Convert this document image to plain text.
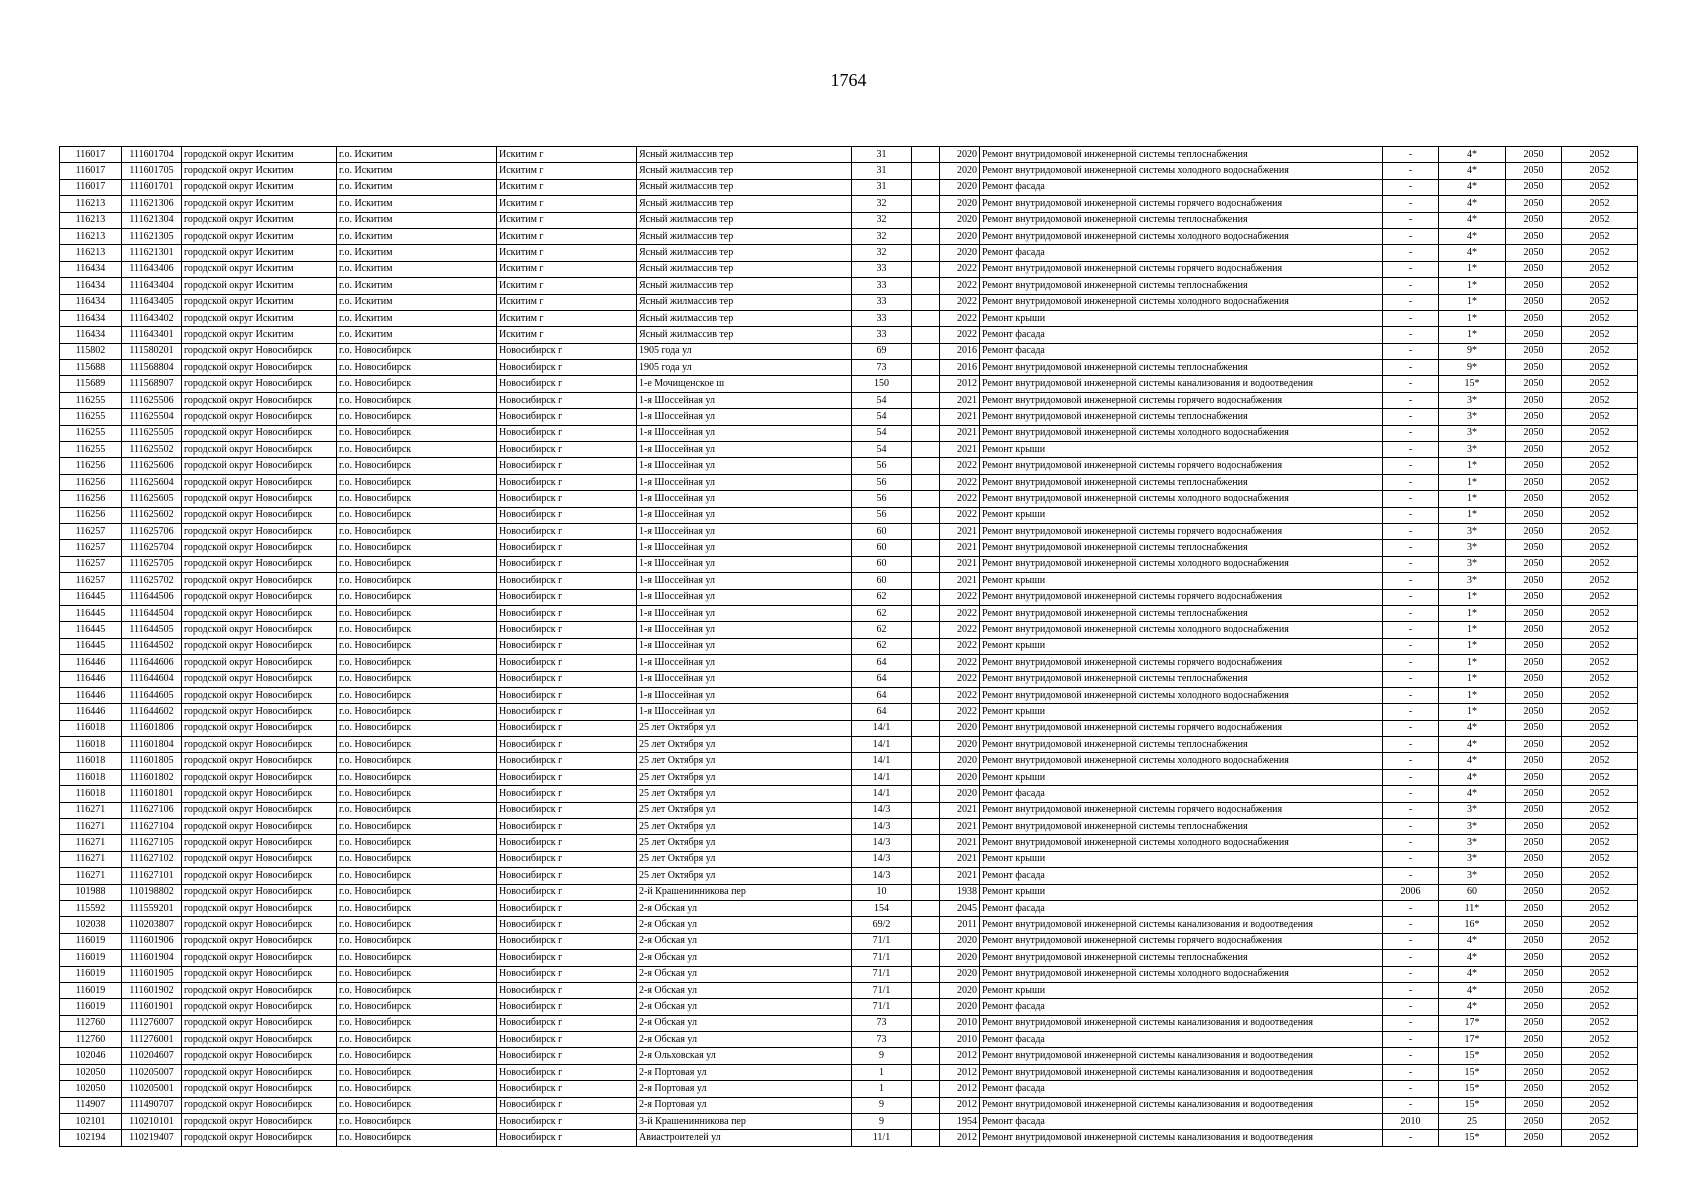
1764
116017	111601704	городской округ Искитим	г.о. Искитим	Искитим г	Ясный жилмассив тер	31		2020	Ремонт внутридомовой инженерной системы теплоснабжения	-	4*	2050	2052
116017	111601705	городской округ Искитим	г.о. Искитим	Искитим г	Ясный жилмассив тер	31		2020	Ремонт внутридомовой инженерной системы холодного водоснабжения	-	4*	2050	2052
116017	111601701	городской округ Искитим	г.о. Искитим	Искитим г	Ясный жилмассив тер	31		2020	Ремонт фасада	-	4*	2050	2052
116213	111621306	городской округ Искитим	г.о. Искитим	Искитим г	Ясный жилмассив тер	32		2020	Ремонт внутридомовой инженерной системы горячего водоснабжения	-	4*	2050	2052
116213	111621304	городской округ Искитим	г.о. Искитим	Искитим г	Ясный жилмассив тер	32		2020	Ремонт внутридомовой инженерной системы теплоснабжения	-	4*	2050	2052
116213	111621305	городской округ Искитим	г.о. Искитим	Искитим г	Ясный жилмассив тер	32		2020	Ремонт внутридомовой инженерной системы холодного водоснабжения	-	4*	2050	2052
116213	111621301	городской округ Искитим	г.о. Искитим	Искитим г	Ясный жилмассив тер	32		2020	Ремонт фасада	-	4*	2050	2052
116434	111643406	городской округ Искитим	г.о. Искитим	Искитим г	Ясный жилмассив тер	33		2022	Ремонт внутридомовой инженерной системы горячего водоснабжения	-	1*	2050	2052
116434	111643404	городской округ Искитим	г.о. Искитим	Искитим г	Ясный жилмассив тер	33		2022	Ремонт внутридомовой инженерной системы теплоснабжения	-	1*	2050	2052
116434	111643405	городской округ Искитим	г.о. Искитим	Искитим г	Ясный жилмассив тер	33		2022	Ремонт внутридомовой инженерной системы холодного водоснабжения	-	1*	2050	2052
116434	111643402	городской округ Искитим	г.о. Искитим	Искитим г	Ясный жилмассив тер	33		2022	Ремонт крыши	-	1*	2050	2052
116434	111643401	городской округ Искитим	г.о. Искитим	Искитим г	Ясный жилмассив тер	33		2022	Ремонт фасада	-	1*	2050	2052
115802	111580201	городской округ Новосибирск	г.о. Новосибирск	Новосибирск г	1905 года ул	69		2016	Ремонт фасада	-	9*	2050	2052
115688	111568804	городской округ Новосибирск	г.о. Новосибирск	Новосибирск г	1905 года ул	73		2016	Ремонт внутридомовой инженерной системы теплоснабжения	-	9*	2050	2052
115689	111568907	городской округ Новосибирск	г.о. Новосибирск	Новосибирск г	1-е Мочищенское ш	150		2012	Ремонт внутридомовой инженерной системы канализования и водоотведения	-	15*	2050	2052
116255	111625506	городской округ Новосибирск	г.о. Новосибирск	Новосибирск г	1-я Шоссейная ул	54		2021	Ремонт внутридомовой инженерной системы горячего водоснабжения	-	3*	2050	2052
116255	111625504	городской округ Новосибирск	г.о. Новосибирск	Новосибирск г	1-я Шоссейная ул	54		2021	Ремонт внутридомовой инженерной системы теплоснабжения	-	3*	2050	2052
116255	111625505	городской округ Новосибирск	г.о. Новосибирск	Новосибирск г	1-я Шоссейная ул	54		2021	Ремонт внутридомовой инженерной системы холодного водоснабжения	-	3*	2050	2052
116255	111625502	городской округ Новосибирск	г.о. Новосибирск	Новосибирск г	1-я Шоссейная ул	54		2021	Ремонт крыши	-	3*	2050	2052
116256	111625606	городской округ Новосибирск	г.о. Новосибирск	Новосибирск г	1-я Шоссейная ул	56		2022	Ремонт внутридомовой инженерной системы горячего водоснабжения	-	1*	2050	2052
116256	111625604	городской округ Новосибирск	г.о. Новосибирск	Новосибирск г	1-я Шоссейная ул	56		2022	Ремонт внутридомовой инженерной системы теплоснабжения	-	1*	2050	2052
116256	111625605	городской округ Новосибирск	г.о. Новосибирск	Новосибирск г	1-я Шоссейная ул	56		2022	Ремонт внутридомовой инженерной системы холодного водоснабжения	-	1*	2050	2052
116256	111625602	городской округ Новосибирск	г.о. Новосибирск	Новосибирск г	1-я Шоссейная ул	56		2022	Ремонт крыши	-	1*	2050	2052
116257	111625706	городской округ Новосибирск	г.о. Новосибирск	Новосибирск г	1-я Шоссейная ул	60		2021	Ремонт внутридомовой инженерной системы горячего водоснабжения	-	3*	2050	2052
116257	111625704	городской округ Новосибирск	г.о. Новосибирск	Новосибирск г	1-я Шоссейная ул	60		2021	Ремонт внутридомовой инженерной системы теплоснабжения	-	3*	2050	2052
116257	111625705	городской округ Новосибирск	г.о. Новосибирск	Новосибирск г	1-я Шоссейная ул	60		2021	Ремонт внутридомовой инженерной системы холодного водоснабжения	-	3*	2050	2052
116257	111625702	городской округ Новосибирск	г.о. Новосибирск	Новосибирск г	1-я Шоссейная ул	60		2021	Ремонт крыши	-	3*	2050	2052
116445	111644506	городской округ Новосибирск	г.о. Новосибирск	Новосибирск г	1-я Шоссейная ул	62		2022	Ремонт внутридомовой инженерной системы горячего водоснабжения	-	1*	2050	2052
116445	111644504	городской округ Новосибирск	г.о. Новосибирск	Новосибирск г	1-я Шоссейная ул	62		2022	Ремонт внутридомовой инженерной системы теплоснабжения	-	1*	2050	2052
116445	111644505	городской округ Новосибирск	г.о. Новосибирск	Новосибирск г	1-я Шоссейная ул	62		2022	Ремонт внутридомовой инженерной системы холодного водоснабжения	-	1*	2050	2052
116445	111644502	городской округ Новосибирск	г.о. Новосибирск	Новосибирск г	1-я Шоссейная ул	62		2022	Ремонт крыши	-	1*	2050	2052
116446	111644606	городской округ Новосибирск	г.о. Новосибирск	Новосибирск г	1-я Шоссейная ул	64		2022	Ремонт внутридомовой инженерной системы горячего водоснабжения	-	1*	2050	2052
116446	111644604	городской округ Новосибирск	г.о. Новосибирск	Новосибирск г	1-я Шоссейная ул	64		2022	Ремонт внутридомовой инженерной системы теплоснабжения	-	1*	2050	2052
116446	111644605	городской округ Новосибирск	г.о. Новосибирск	Новосибирск г	1-я Шоссейная ул	64		2022	Ремонт внутридомовой инженерной системы холодного водоснабжения	-	1*	2050	2052
116446	111644602	городской округ Новосибирск	г.о. Новосибирск	Новосибирск г	1-я Шоссейная ул	64		2022	Ремонт крыши	-	1*	2050	2052
116018	111601806	городской округ Новосибирск	г.о. Новосибирск	Новосибирск г	25 лет Октября ул	14/1		2020	Ремонт внутридомовой инженерной системы горячего водоснабжения	-	4*	2050	2052
116018	111601804	городской округ Новосибирск	г.о. Новосибирск	Новосибирск г	25 лет Октября ул	14/1		2020	Ремонт внутридомовой инженерной системы теплоснабжения	-	4*	2050	2052
116018	111601805	городской округ Новосибирск	г.о. Новосибирск	Новосибирск г	25 лет Октября ул	14/1		2020	Ремонт внутридомовой инженерной системы холодного водоснабжения	-	4*	2050	2052
116018	111601802	городской округ Новосибирск	г.о. Новосибирск	Новосибирск г	25 лет Октября ул	14/1		2020	Ремонт крыши	-	4*	2050	2052
116018	111601801	городской округ Новосибирск	г.о. Новосибирск	Новосибирск г	25 лет Октября ул	14/1		2020	Ремонт фасада	-	4*	2050	2052
116271	111627106	городской округ Новосибирск	г.о. Новосибирск	Новосибирск г	25 лет Октября ул	14/3		2021	Ремонт внутридомовой инженерной системы горячего водоснабжения	-	3*	2050	2052
116271	111627104	городской округ Новосибирск	г.о. Новосибирск	Новосибирск г	25 лет Октября ул	14/3		2021	Ремонт внутридомовой инженерной системы теплоснабжения	-	3*	2050	2052
116271	111627105	городской округ Новосибирск	г.о. Новосибирск	Новосибирск г	25 лет Октября ул	14/3		2021	Ремонт внутридомовой инженерной системы холодного водоснабжения	-	3*	2050	2052
116271	111627102	городской округ Новосибирск	г.о. Новосибирск	Новосибирск г	25 лет Октября ул	14/3		2021	Ремонт крыши	-	3*	2050	2052
116271	111627101	городской округ Новосибирск	г.о. Новосибирск	Новосибирск г	25 лет Октября ул	14/3		2021	Ремонт фасада	-	3*	2050	2052
101988	110198802	городской округ Новосибирск	г.о. Новосибирск	Новосибирск г	2-й Крашенинникова пер	10		1938	Ремонт крыши	2006	60	2050	2052
115592	111559201	городской округ Новосибирск	г.о. Новосибирск	Новосибирск г	2-я Обская ул	154		2045	Ремонт фасада	-	11*	2050	2052
102038	110203807	городской округ Новосибирск	г.о. Новосибирск	Новосибирск г	2-я Обская ул	69/2		2011	Ремонт внутридомовой инженерной системы канализования и водоотведения	-	16*	2050	2052
116019	111601906	городской округ Новосибирск	г.о. Новосибирск	Новосибирск г	2-я Обская ул	71/1		2020	Ремонт внутридомовой инженерной системы горячего водоснабжения	-	4*	2050	2052
116019	111601904	городской округ Новосибирск	г.о. Новосибирск	Новосибирск г	2-я Обская ул	71/1		2020	Ремонт внутридомовой инженерной системы теплоснабжения	-	4*	2050	2052
116019	111601905	городской округ Новосибирск	г.о. Новосибирск	Новосибирск г	2-я Обская ул	71/1		2020	Ремонт внутридомовой инженерной системы холодного водоснабжения	-	4*	2050	2052
116019	111601902	городской округ Новосибирск	г.о. Новосибирск	Новосибирск г	2-я Обская ул	71/1		2020	Ремонт крыши	-	4*	2050	2052
116019	111601901	городской округ Новосибирск	г.о. Новосибирск	Новосибирск г	2-я Обская ул	71/1		2020	Ремонт фасада	-	4*	2050	2052
112760	111276007	городской округ Новосибирск	г.о. Новосибирск	Новосибирск г	2-я Обская ул	73		2010	Ремонт внутридомовой инженерной системы канализования и водоотведения	-	17*	2050	2052
112760	111276001	городской округ Новосибирск	г.о. Новосибирск	Новосибирск г	2-я Обская ул	73		2010	Ремонт фасада	-	17*	2050	2052
102046	110204607	городской округ Новосибирск	г.о. Новосибирск	Новосибирск г	2-я Ольховская ул	9		2012	Ремонт внутридомовой инженерной системы канализования и водоотведения	-	15*	2050	2052
102050	110205007	городской округ Новосибирск	г.о. Новосибирск	Новосибирск г	2-я Портовая ул	1		2012	Ремонт внутридомовой инженерной системы канализования и водоотведения	-	15*	2050	2052
102050	110205001	городской округ Новосибирск	г.о. Новосибирск	Новосибирск г	2-я Портовая ул	1		2012	Ремонт фасада	-	15*	2050	2052
114907	111490707	городской округ Новосибирск	г.о. Новосибирск	Новосибирск г	2-я Портовая ул	9		2012	Ремонт внутридомовой инженерной системы канализования и водоотведения	-	15*	2050	2052
102101	110210101	городской округ Новосибирск	г.о. Новосибирск	Новосибирск г	3-й Крашенинникова пер	9		1954	Ремонт фасада	2010	25	2050	2052
102194	110219407	городской округ Новосибирск	г.о. Новосибирск	Новосибирск г	Авиастроителей ул	11/1		2012	Ремонт внутридомовой инженерной системы канализования и водоотведения	-	15*	2050	2052
